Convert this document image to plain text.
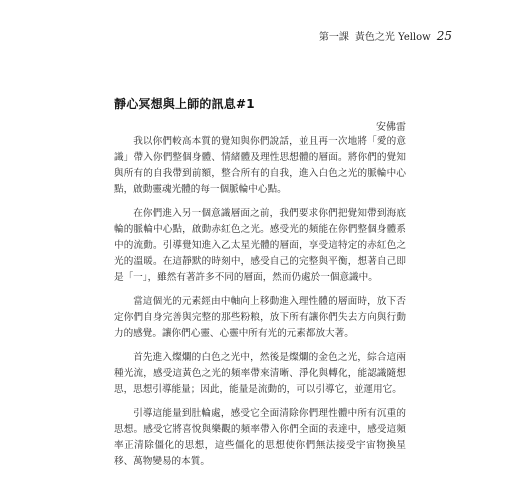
第一課 黃色之光 Yellow 25
靜心冥想與上師的訊息#1
安佛雷

我以你們較高本質的覺知與你們說話，並且再一次地將「愛的意識」帶入你們整個身體、情緒體及理性思想體的層面。將你們的覺知與所有的自我帶到前額，整合所有的自我，進入白色之光的脈輪中心點，啟動靈魂光體的每一個脈輪中心點。

在你們進入另一個意識層面之前，我們要求你們把覺知帶到海底輪的脈輪中心點，啟動赤紅色之光。感受光的頻能在你們整個身體系中的流動。引導覺知進入乙太星光體的層面，享受這特定的赤紅色之光的溫暖。在這靜默的時刻中，感受自己的完整與平衡，想著自己即是「一」，雖然有著許多不同的層面，然而仍處於一個意識中。

當這個光的元素經由中軸向上移動進入理性體的層面時，放下否定你們自身完善與完整的那些粉粮，放下所有讓你們失去方向與行動力的感覺。讓你們心靈、心靈中所有光的元素都放大著。

首先進入燦爛的白色之光中，然後是燦爛的金色之光，綜合這兩種光流，感受這黃色之光的頻率帶來清晰、淨化與轉化，能認識隨想思，思想引導能量；因此，能量是流動的，可以引導它，並運用它。

引導這能量到肚輪處，感受它全面清除你們理性體中所有沉重的思想。感受它將喜悅與樂觀的頻率帶入你們全面的表達中，感受這頻率正清除僵化的思想，這些僵化的思想使你們無法接受宇宙物換星移、萬物變易的本質。
